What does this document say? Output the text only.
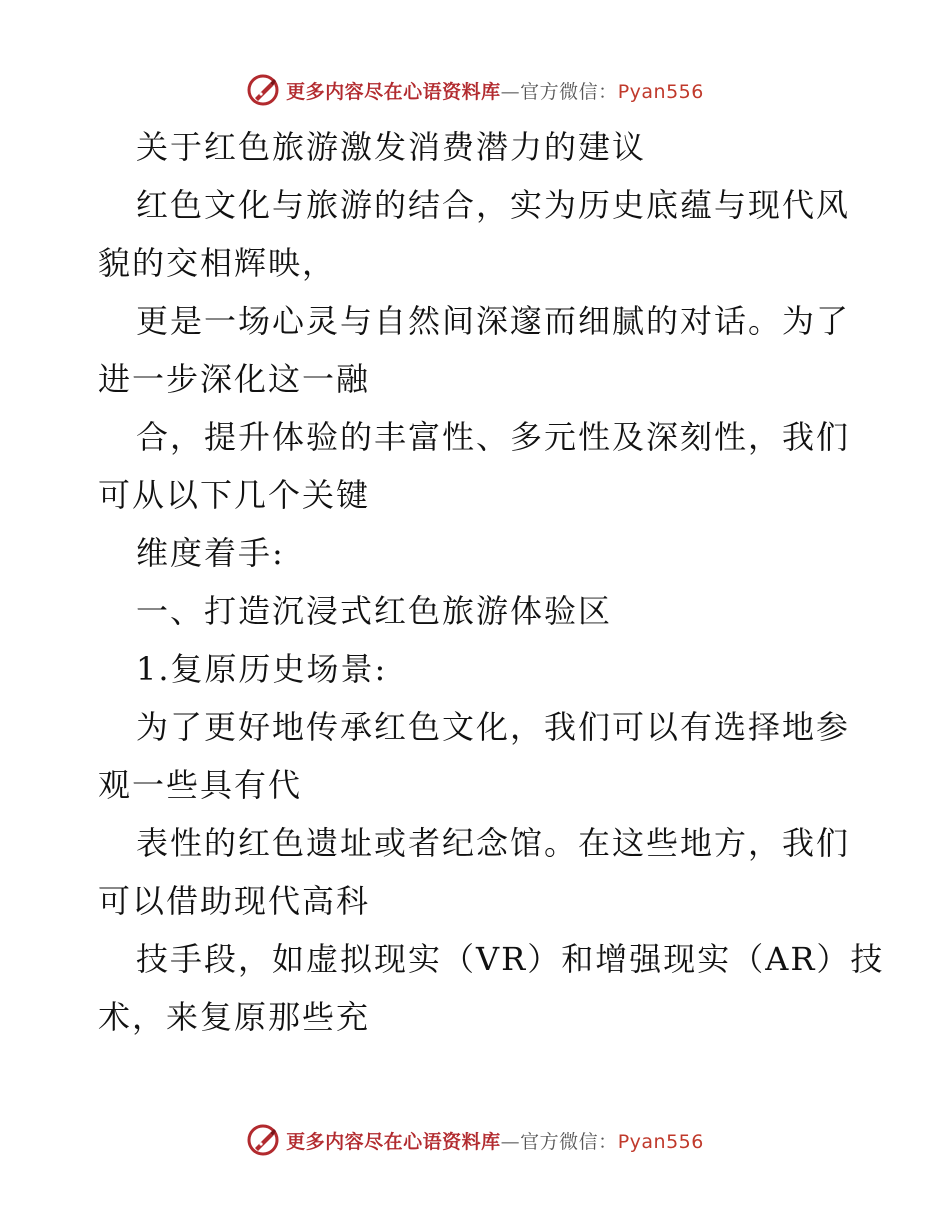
更多内容尽在心语资料库—官方微信：Pyan556

关于红色旅游激发消费潜力的建议

红色文化与旅游的结合，实为历史底蕴与现代风

貌的交相辉映，

更是一场心灵与自然间深邃而细腻的对话。为了

进一步深化这一融

合，提升体验的丰富性、多元性及深刻性，我们

可从以下几个关键

维度着手:

一、打造沉浸式红色旅游体验区

1.复原历史场景:

为了更好地传承红色文化，我们可以有选择地参

观一些具有代

表性的红色遗址或者纪念馆。在这些地方，我们

可以借助现代高科

技手段，如虚拟现实（VR）和增强现实（AR）技

术，来复原那些充

更多内容尽在心语资料库—官方微信：Pyan556
